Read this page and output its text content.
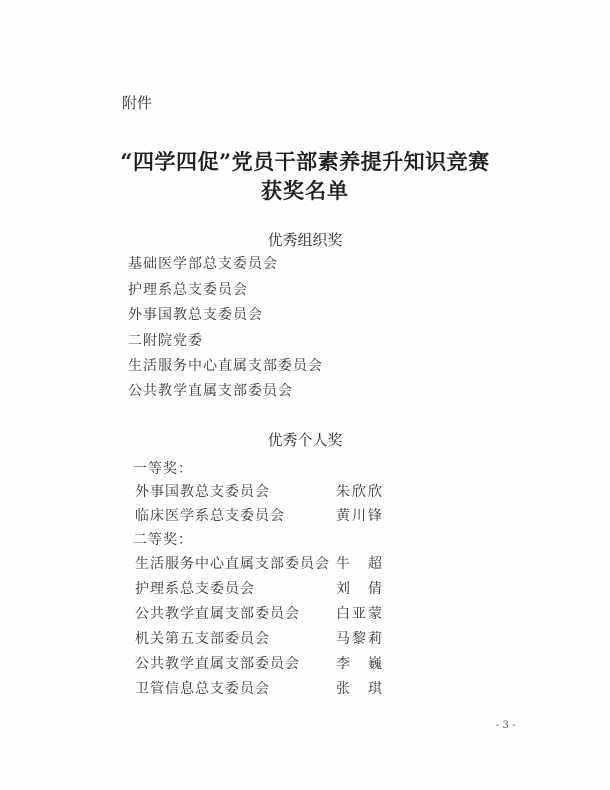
附件
“四学四促”党员干部素养提升知识竞赛
获奖名单
优秀组织奖
基础医学部总支委员会
护理系总支委员会
外事国教总支委员会
二附院党委
生活服务中心直属支部委员会
公共教学直属支部委员会
优秀个人奖
一等奖：
外事国教总支委员会	朱欣欣
临床医学系总支委员会	黄川锋
二等奖：
生活服务中心直属支部委员会 牛　超
护理系总支委员会	刘　倩
公共教学直属支部委员会	白亚蒙
机关第五支部委员会	马黎莉
公共教学直属支部委员会	李　巍
卫管信息总支委员会	张　琪
- 3 -
